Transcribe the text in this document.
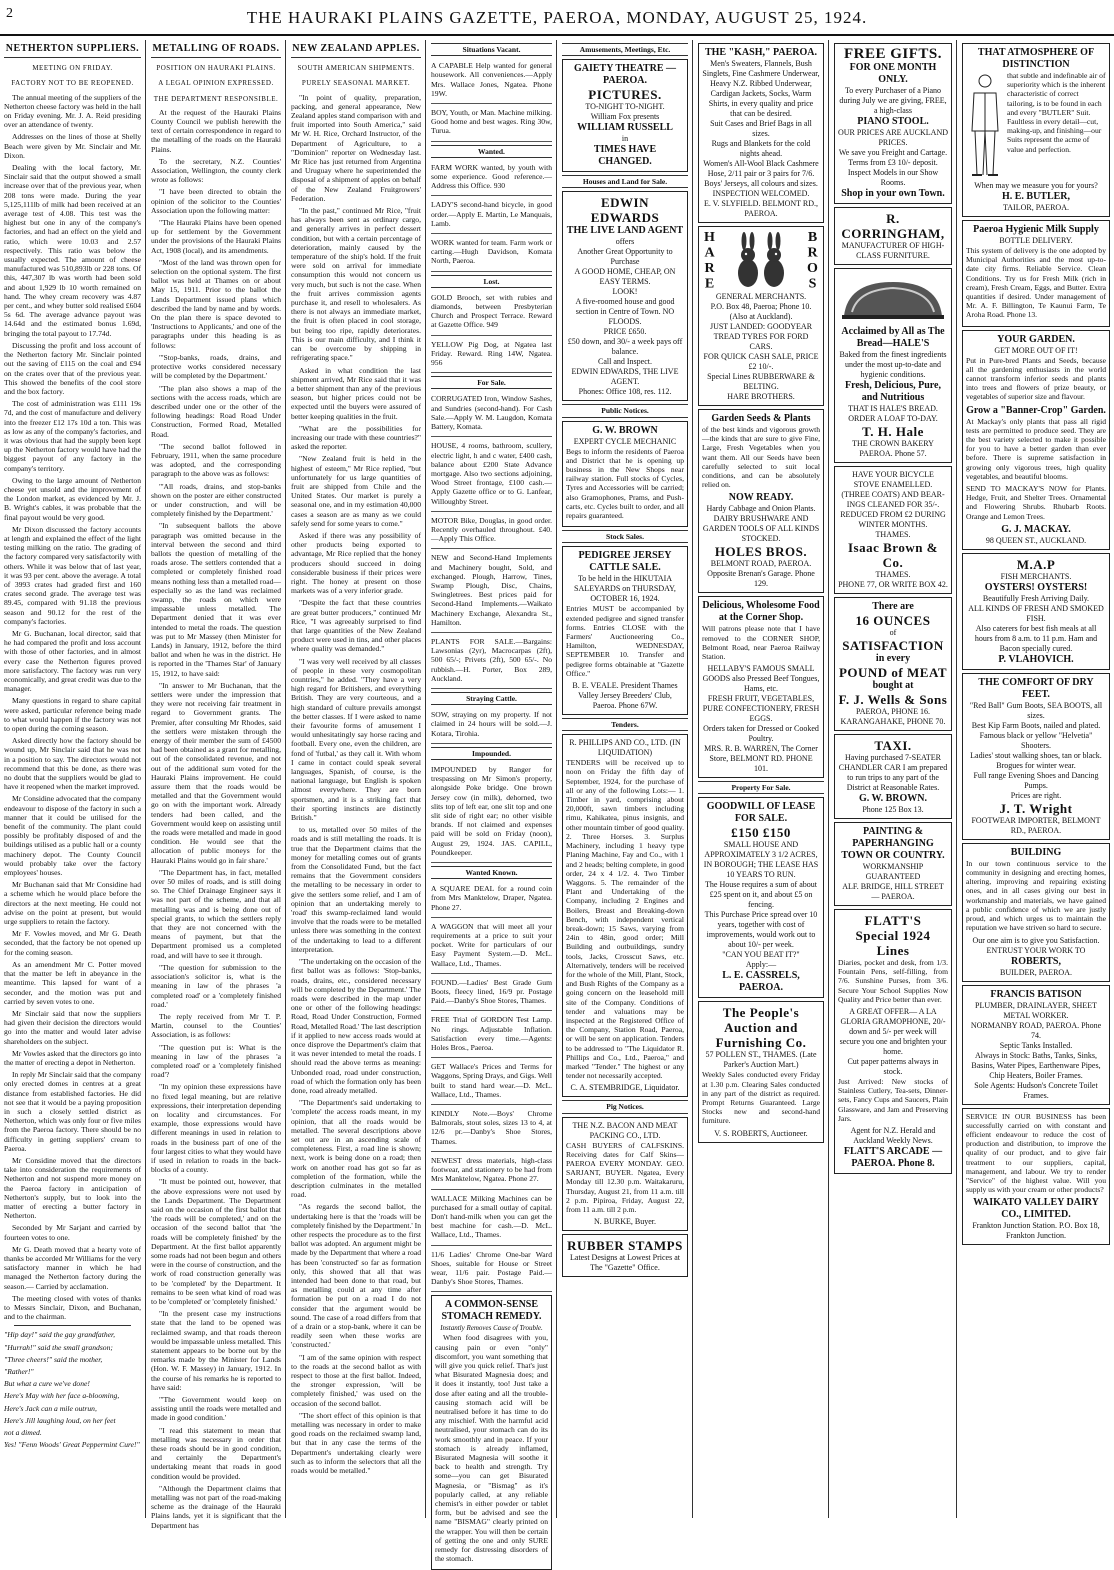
2	THE HAURAKI PLAINS GAZETTE, PAEROA, MONDAY, AUGUST 25, 1924.
NETHERTON SUPPLIERS.
MEETING ON FRIDAY.
FACTORY NOT TO BE REOPENED.

The annual meeting of the suppliers of the Netherton cheese factory was held in the hall on Friday evening. Mr. J. A. Reid presiding over an attendance of twenty.

Addresses on the lines of those at Shelly Beach were given by Mr. Sinclair and Mr. Dixon.

Dealing with the local factory, Mr. Sinclair said that the output showed a small increase over that of the previous year, when 208 tons were made. During the year 5,125,111lb of milk had been received at an average test of 4.08. This test was the highest but one in any of the company's factories, and had an effect on the yield and ratio, which were 10.03 and 2.57 respectively. This ratio was below the usually expected. The amount of cheese manufactured was 510,893lb or 228 tons. Of this, 447,307 lb was worth had been sold and about 1,929 lb 10 worth remained on hand. The whey cream recovery was 4.87 per cent., and whey butter sold realised £604 5s 6d. The average advance payout was 14.64d and the estimated bonus 1.69d, bringing the total payout to 17.74d.

Discussing the profit and loss account of the Netherton factory Mr. Sinclair pointed out the saving of £115 on the coal and £94 on the crates over that of the previous year. This showed the benefits of the cool store and the box factory.

The cost of administration was £111 19s 7d, and the cost of manufacture and delivery into the freezer £12 17s 10d a ton. This was as low as any of the company's factories, and it was obvious that had the supply been kept up the Netherton factory would have had the biggest payout of any factory in the company's territory.

Owing to the large amount of Netherton cheese yet unsold and the improvement of the London market, as evidenced by Mr. J. B. Wright's cables, it was probable that the final payout would be very good.

Mr Dixon discussed the factory accounts at length and explained the effect of the light testing milking on the ratio. The grading of the factory compared very satisfactorily with others. While it was below that of last year, it was 93 per cent. above the average. A total of 3993 crates had graded first and 160 crates second grade. The average test was 89.45, compared with 91.18 the previous season and 90.12 for the rest of the company's factories.

Mr G. Buchanan, local director, said that he had compared the profit and loss account with those of other factories, and in almost every case the Netherton figures proved more satisfactory. The factory was run very economically, and great credit was due to the manager.

Many questions in regard to share capital were asked, particular reference being made to what would happen if the factory was not to open during the coming season.

Asked directly how the factory should be wound up, Mr Sinclair said that he was not in a position to say. The directors would not recommend that this be done, as there was no doubt that the suppliers would be glad to have it reopened when the market improved.

Mr Considine advocated that the company endeavour to dispose of the factory in such a manner that it could be utilised for the benefit of the community. The plant could possibly be profitably disposed of and the buildings utilised as a public hall or a county machinery depot. The County Council would probably take over the factory employees' houses.

Mr Buchanan said that Mr Considine had a scheme which he would place before the directors at the next meeting. He could not advise on the point at present, but would urge suppliers to retain the factory.

Mr F. Vowles moved, and Mr G. Death seconded, that the factory be not opened up for the coming season.

As an amendment Mr C. Potter moved that the matter be left in abeyance in the meantime. This lapsed for want of a seconder, and the motion was put and carried by seven votes to one.

Mr Sinclair said that now the suppliers had given their decision the directors would go into the matter and would later advise shareholders on the subject.

Mr Vowles asked that the directors go into the matter of erecting a depot in Netherton.

In reply Mr Sinclair said that the company only erected domes in centres at a great distance from established factories. He did not see that it would be a paying proposition in such a closely settled district as Netherton, which was only four or five miles from the Paeroa factory. There should be no difficulty in getting suppliers' cream to Paeroa.

Mr Considine moved that the directors take into consideration the requirements of Netherton and not suspend more money on the Paeroa factory in anticipation of Netherton's supply, but to look into the matter of erecting a butter factory in Netherton.

Seconded by Mr Sarjant and carried by fourteen votes to one.

Mr G. Death moved that a hearty vote of thanks be accorded Mr Williams for the very satisfactory manner in which he had managed the Netherton factory during the season.— Carried by acclamation.

The meeting closed with votes of thanks to Messrs Sinclair, Dixon, and Buchanan, and to the chairman.

"Hip day!" said the gay grandfather,

"Hurrah!" said the small grandson;

"Three cheers!" said the mother,

"Rather!"

But what a cure we've done!

Here's May with her face a-blooming,

Here's Jack can a mile outrun,

Here's Jill laughing loud, on her feet

not a dimed.

Yes! "Fenn Woods' Great Peppermint Cure!"

METALLING OF ROADS.
POSITION ON HAURAKI PLAINS.
A LEGAL OPINION EXPRESSED.
THE DEPARTMENT RESPONSIBLE.

At the request of the Hauraki Plains County Council we publish herewith the text of certain correspondence in regard to the metalling of the roads on the Hauraki Plains.

To the secretary, N.Z. Counties' Association, Wellington, the county clerk wrote as follows:

"I have been directed to obtain the opinion of the solicitor to the Counties' Association upon the following matter:

"The Hauraki Plains have been opened up for settlement by the Government under the provisions of the Hauraki Plains Act, 1908 (local), and its amendments.

"Most of the land was thrown open for selection on the optional system. The first ballot was held at Thames on or about May 15, 1911. Prior to the ballot the Lands Department issued plans which described the land by name and by words. On the plan there is space devoted to 'Instructions to Applicants,' and one of the paragraphs under this heading is as follows:

"'Stop-banks, roads, drains, and protective works considered necessary will be completed by the Department.'

"The plan also shows a map of the sections with the access roads, which are described under one or the other of the following headings: Road Road Under Construction, Formed Road, Metalled Road.

"The second ballot followed in February, 1911, when the same procedure was adopted, and the corresponding paragraph to the above was as follows:

"'All roads, drains, and stop-banks shown on the poster are either constructed or under construction, and will be completely finished by the Department.'

"In subsequent ballots the above paragraph was omitted because in the interval between the second and third ballots the question of metalling of the roads arose. The settlers contended that a completed or completely finished road means nothing less than a metalled road—especially so as the land was reclaimed swamp, the roads on which were impassable unless metalled. The Department denied that it was ever intended to metal the roads. The question was put to Mr Massey (then Minister for Lands) in January, 1912, before the third ballot and when he was in the district. He is reported in the 'Thames Star' of January 15, 1912, to have said:

"In answer to Mr Buchanan, that the settlers were under the impression that they were not receiving fair treatment in regard to Government grants. The Premier, after consulting Mr Rhodes, said the settlers were mistaken through the energy of their member the sum of £4500 had been obtained as a grant for metalling, out of the consolidated revenue, and not out of the additional sum voted for the Hauraki Plains improvement. He could assure them that the roads would be metalled and that the Government would go on with the important work. Already tenders had been called, and the Government would keep on assisting until the roads were metalled and made in good condition. He would see that the allocation of public moneys for the Hauraki Plains would go in fair share.'

"The Department has, in fact, metalled over 50 miles of roads, and is still doing so. The Chief Drainage Engineer says it was not part of the scheme, and that all metalling was and is being done out of special grants, to which the settlers reply that they are not concerned with the means of payment, but that the Department promised us a completed road, and will have to see it through.

"The question for submission to the association's solicitor is, what is the meaning in law of the phrases 'a completed road' or a 'completely finished road.'

The reply received from Mr T. P. Martin, counsel to the Counties' Association, is as follows:

"The question put is: What is the meaning in law of the phrases 'a completed road' or a 'completely finished road'?

"In my opinion these expressions have no fixed legal meaning, but are relative expressions, their interpretation depending on locality and circumstances. For example, those expressions would have different meanings in used in relation to roads in the business part of one of the four largest cities to what they would have if used in relation to roads in the back-blocks of a county.

"It must be pointed out, however, that the above expressions were not used by the Lands Department. The Department said on the occasion of the first ballot that 'the roads will be completed,' and on the occasion of the second ballot that 'the roads will be completely finished' by the Department. At the first ballot apparently some roads had not been begun and others were in the course of construction, and the work of road construction generally was to be 'completed' by the Department. It remains to be seen what kind of road was to be 'completed' or 'completely finished.'

"In the present case my instructions state that the land to be opened was reclaimed swamp, and that roads thereon would be impassable unless metalled. This statement appears to be borne out by the remarks made by the Minister for Lands (Hon. W. F. Massey) in January, 1912. In the course of his remarks he is reported to have said:

"'The Government would keep on assisting until the roads were metalled and made in good condition.'

"I read this statement to mean that metalling was necessary in order that these roads should be in good condition, and certainly the Department's undertaking meant that roads in good condition would be provided.

"Although the Department claims that metalling was not part of the road-making scheme as the drainage of the Hauraki Plains lands, yet it is significant that the Department has

NEW ZEALAND APPLES.
SOUTH AMERICAN SHIPMENTS.
PURELY SEASONAL MARKET.

"In point of quality, preparation, packing, and general appearance, New Zealand apples stand comparison with and fruit imported into South America," said Mr W. H. Rice, Orchard Instructor, of the Department of Agriculture, to a "Dominion" reporter on Wednesday last. Mr Rice has just returned from Argentina and Uruguay where he superintended the disposal of a shipment of apples on behalf of the New Zealand Fruitgrowers' Federation.

"In the past," continued Mr Rice, "fruit has always been sent as ordinary cargo, and generally arrives in perfect dessert condition, but with a certain percentage of deterioration, mainly caused by the temperature of the ship's hold. If the fruit were sold on arrival for immediate consumption this would not concern us very much, but such is not the case. When the fruit arrives commission agents purchase it, and resell to wholesalers. As there is not always an immediate market, the fruit is often placed in cool storage, but being too ripe, rapidly deteriorates. This is our main difficulty, and I think it can be overcome by shipping in refrigerating space."

Asked in what condition the last shipment arrived, Mr Rice said that it was a better shipment than any of the previous season, but higher prices could not be expected until the buyers were assured of better keeping qualities in the fruit.

"What are the possibilities for increasing our trade with these countries?" asked the reporter.

"New Zealand fruit is held in the highest of esteem," Mr Rice replied, "but unfortunately for us large quantities of fruit are shipped from Chile and the United States. Our market is purely a seasonal one, and in my estimation 40,000 cases a season are as many as we could safely send for some years to come."

Asked if there was any possibility of other products being exported to advantage, Mr Rice replied that the honey producers should succeed in doing considerable business if their prices were right. The honey at present on those markets was of a very inferior grade.

"Despite the fact that these countries are great butter producers," continued Mr Rice, "I was agreeably surprised to find that large quantities of the New Zealand product were used in tins, and other places where quality was demanded."

"I was very well received by all classes of people in these very cosmopolitan countries," he added. "They have a very high regard for Britishers, and everything British. They are very courteous, and a high standard of culture prevails amongst the better classes. If I were asked to name their favourite forms of amusement I would unhesitatingly say horse racing and football. Every one, even the children, are fond of 'futbal,' as they call it. With whom I came in contact could speak several languages, Spanish, of course, is the national language, but English is spoken almost everywhere. They are born sportsmen, and it is a striking fact that their sporting instincts are distinctly British."

to us, metalled over 50 miles of the roads and is still metalling the roads. It is true that the Department claims that the money for metalling comes out of grants from the Consolidated Fund, but the fact remains that the Government considers the metalling to be necessary in order to give the settlers some relief, and I am of opinion that an undertaking merely to 'road' this swamp-reclaimed land would involve that the roads were to be metalled unless there was something in the context of the undertaking to lead to a different interpretation.

"The undertaking on the occasion of the first ballot was as follows: 'Stop-banks, roads, drains, etc., considered necessary will be completed by the Department.' The roads were described in the map under one or other of the following headings: Road, Road Under Construction, Formed Road, Metalled Road.' The last description if it applied to new access roads would at once disprove the Department's claim that it was never intended to metal the roads. I should read the above terms as meaning: Unbonded road, road under construction, road of which the formation only has been done, road already metalled.

"The Department's said undertaking to 'complete' the access roads meant, in my opinion, that all the roads would be metalled. The several descriptions above set out are in an ascending scale of completeness. First, a road line is shown; next, work is being done on a road; then work on another road has got so far as completion of the formation, while the description culminates in the metalled road.

"As regards the second ballot, the undertaking here is that the 'roads will be completely finished by the Department.' In other respects the procedure as to the first ballot was adopted. An argument might be made by the Department that where a road has been 'constructed' so far as formation only, this showed that all that was intended had been done to that road, but as metalling could at any time after formation be put on a road I do not consider that the argument would be sound. The case of a road differs from that of a drain or a stop-bank, where it can be readily seen when these works are 'constructed.'

"I am of the same opinion with respect to the roads at the second ballot as with respect to those at the first ballot. Indeed, the stronger expression, 'will be completely finished,' was used on the occasion of the second ballot.

"The short effect of this opinion is that metalling was necessary in order to make good roads on the reclaimed swamp land, but that in any case the terms of the Department's undertaking clearly were such as to inform the selectors that all the roads would be metalled."

Situations Vacant.

A CAPABLE Help wanted for general housework. All conveniences.—Apply Mrs. Wallace Jones, Ngatea. Phone 19W.

BOY, Youth, or Man. Machine milking. Good home and best wages. Ring 30w, Turua.

Wanted.

FARM WORK wanted, by youth with some experience. Good reference.—Address this Office. 930

LADY'S second-hand bicycle, in good order.—Apply E. Martin, Le Manquais, Lamb.

WORK wanted for team. Farm work or carting.—Hugh Davidson, Komata North, Paeroa.

Lost.

GOLD Brooch, set with rubies and diamonds, between Presbyterian Church and Prospect Terrace. Reward at Gazette Office. 949

YELLOW Pig Dog, at Ngatea last Friday. Reward. Ring 14W, Ngatea. 956

For Sale.

CORRUGATED Iron, Window Sashes, and Sundries (second-hand). For Cash Sale.—Apply W. M. Laugdon, Komata Battery, Komata.

HOUSE, 4 rooms, bathroom, scullery, electric light, h and c water, £400 cash, balance about £200 State Advance mortgage. Also two sections adjoining, Wood Street frontage, £100 cash.—Apply Gazette office or to G. Lanfear, Willoughby Street.

MOTOR Bike, Douglas, in good order. Recently overhauled throughout. £40.—Apply This Office.

NEW and Second-Hand Implements and Machinery bought, Sold, and exchanged. Plough, Harrow, Tines, Swamp Plough, Disc, Chains, Swingletrees. Best prices paid for Second-Hand Implements.—Waikato Machinery Exchange, Alexandra St., Hamilton.

PLANTS FOR SALE.—Bargains: Lawsonias (2yr), Macrocarpas (2ft), 500 65/-; Privets (2ft), 500 65/-. No rubbish.—H. Porter, Box 289, Auckland.

Straying Cattle.

SOW, straying on my property. If not claimed in 24 hours will be sold.—J. Kotara, Tirohia.

Impounded.

IMPOUNDED by Ranger for trespassing on Mr Simon's property, alongside Poke bridge. One brown Jersey cow (in milk), dehorned, two slits top of left ear, one slit top and one slit side of right ear; no other visible brands. If not claimed and expenses paid will be sold on Friday (noon), August 29, 1924. JAS. CAPILL, Poundkeeper.

Wanted Known.

A SQUARE DEAL for a round coin from Mrs Manktelow, Draper, Ngatea. Phone 27.

A WAGGON that will meet all your requirements at a price to suit your pocket. Write for particulars of our Easy Payment System.—D. McL. Wallace, Ltd., Thames.

FOUND.—Ladies' Best Grade Gum Boots, fleecy lined, 16/9 pr. Postage Paid.—Danby's Shoe Stores, Thames.

FREE Trial of GORDON Test Lamp. No rings. Adjustable Inflation. Satisfaction every time.—Agents: Holes Bros., Paeroa.

GET Wallace's Prices and Terms for Waggons, Spring Drays, and Gigs. Well built to stand hard wear.—D. McL. Wallace, Ltd., Thames.

KINDLY Note.—Boys' Chrome Balmorals, stout soles, sizes 13 to 4, at 12/6 pr.—Danby's Shoe Stores, Thames.

NEWEST dress materials, high-class footwear, and stationery to be had from Mrs Manktelow, Ngatea. Phone 27.

WALLACE Milking Machines can be purchased for a small outlay of capital. Don't hand-milk when you can get the best machine for cash.—D. McL. Wallace, Ltd., Thames.

11/6 Ladies' Chrome One-bar Ward Shoes, suitable for House or Street wear, 11/6 pair. Postage Paid.—Danby's Shoe Stores, Thames.

A COMMON-SENSE STOMACH REMEDY.
Instantly Removes Cause of Trouble.

When food disagrees with you, causing pain or even "only" discomfort, you want something that will give you quick relief. That's just what Bisurated Magnesia does; and it does it instantly, too! Just take a dose after eating and all the trouble-causing stomach acid will be neutralised before it has time to do any mischief. With the harmful acid neutralised, your stomach can do its work smoothly and in peace. If your stomach is already inflamed, Bisurated Magnesia will soothe it back to health and strength. Try some—you can get Bisurated Magnesia, or "Bismag" as it's popularly called, at any reliable chemist's in either powder or tablet form, but be advised and see the name "BISMAG" clearly printed on the wrapper. You will then be certain of getting the one and only SURE remedy for distressing disorders of the stomach.

Amusements, Meetings, Etc.
GAIETY THEATRE — PAEROA.
PICTURES.
TO-NIGHT TO-NIGHT.
William Fox presents
WILLIAM RUSSELL
in
TIMES HAVE CHANGED.
Houses and Land for Sale.
EDWIN EDWARDS
THE LIVE LAND AGENT
offers
Another Great Opportunity to Purchase
A GOOD HOME, CHEAP, ON EASY TERMS.
LOOK!
A five-roomed house and good section in Centre of Town. NO FLOODS.
PRICE £650.
£50 down, and 30/- a week pays off balance.
Call and Inspect.
EDWIN EDWARDS, THE LIVE AGENT.
Phones: Office 108, res. 112.
Public Notices.
G. W. BROWN
EXPERT CYCLE MECHANIC

Begs to inform the residents of Paeroa and District that he is opening up business in the New Shops near railway station. Full stocks of Cycles, Tyres and Accessories will be carried; also Gramophones, Prams, and Push-carts, etc. Cycles built to order, and all repairs guaranteed.

Stock Sales.
PEDIGREE JERSEY CATTLE SALE.
To be held in the HIKUTAIA SALEYARDS on THURSDAY, OCTOBER 16, 1924.

Entries MUST be accompanied by extended pedigree and signed transfer forms. Entries CLOSE with the Farmers' Auctioneering Co., Hamilton, WEDNESDAY, SEPTEMBER 10. Transfer and pedigree forms obtainable at "Gazette Office."

B. E. VEALE. President Thames Valley Jersey Breeders' Club, Paeroa. Phone 67W.
Tenders.
R. PHILLIPS AND CO., LTD. (IN LIQUIDATION)

TENDERS will be received up to noon on Friday the fifth day of September, 1924, for the purchase of all or any of the following Lots:— 1. Timber in yard, comprising about 20,000ft, sawn timbers including rimu, Kahikatea, pinus insignis, and other mountain timber of good quality. 2. Three Horses. 3. Surplus Machinery, including 1 heavy type Planing Machine, Fay and Co., with 1 and 2 heads; belting complete, in good order, 24 x 4 1/2. 4. Two Timber Waggons. 5. The remainder of the Plant and Undertaking of the Company, including 2 Engines and Boilers, Breast and Breaking-down Bench, with independent vertical break-down; 15 Saws, varying from 24in to 48in, good order; Mill Building and outbuildings, sundry tools, Jacks, Crosscut Saws, etc. Alternatively, tenders will be received for the whole of the Mill, Plant, Stock, and Bush Rights of the Company as a going concern on the leasehold mill site of the Company. Conditions of tender and valuations may be inspected at the Registered Office of the Company, Station Road, Paeroa, or will be sent on application. Tenders to be addressed to "The Liquidator R. Phillips and Co., Ltd., Paeroa," and marked "Tender." The highest or any tender not necessarily accepted.

C. A. STEMBRIDGE, Liquidator.
Pig Notices.
THE N.Z. BACON AND MEAT PACKING CO., LTD.

CASH BUYERS of CALFSKINS. Receiving dates for Calf Skins— PAEROA EVERY MONDAY. GEO. SARJANT, BUYER. Ngatea, Every Monday till 12.30 p.m. Waitakaruru, Thursday, August 21, from 11 a.m. till 2 p.m. Pipiroa, Friday, August 22, from 11 a.m. till 2 p.m.

N. BURKE, Buyer.
RUBBER STAMPS
Latest Designs at Lowest Prices at The "Gazette" Office.
THE "KASH," PAEROA.
Men's Sweaters, Flannels, Bush Singlets, Fine Cashmere Underwear, Heavy N.Z. Ribbed Underwear, Cardigan Jackets, Socks, Warm Shirts, in every quality and price that can be desired.
Suit Cases and Brief Bags in all sizes.
Rugs and Blankets for the cold nights ahead.
Women's All-Wool Black Cashmere Hose, 2/11 pair or 3 pairs for 7/6.
Boys' Jerseys, all colours and sizes.
INSPECTION WELCOMED.
E. V. SLYFIELD. BELMONT RD., PAEROA.
HARE	BROS
GENERAL MERCHANTS.
P.O. Box 48, Paeroa; Phone 10. (Also at Auckland).
JUST LANDED: GOODYEAR TREAD TYRES FOR FORD CARS.
FOR QUICK CASH SALE, PRICE £2 10/-.
Special Lines RUBBERWARE & BELTING.
HARE BROTHERS.
Garden Seeds & Plants

of the best kinds and vigorous growth—the kinds that are sure to give Fine, Large, Fresh Vegetables when you want them. All our Seeds have been carefully selected to suit local conditions, and can be absolutely relied on.

NOW READY.
Hardy Cabbage and Onion Plants.
DAIRY BRUSHWARE AND GARDEN TOOLS OF ALL KINDS STOCKED.
HOLES BROS.
BELMONT ROAD, PAEROA. Opposite Brenan's Garage. Phone 129.
Delicious, Wholesome Food at the Corner Shop.

Will patrons please note that I have removed to the CORNER SHOP, Belmont Road, near Paeroa Railway Station.

HELLABY'S FAMOUS SMALL GOODS also Pressed Beef Tongues, Hams, etc.
FRESH FRUIT, VEGETABLES, PURE CONFECTIONERY, FRESH EGGS.
Orders taken for Dressed or Cooked Poultry.
MRS. R. B. WARREN, The Corner Store, BELMONT RD. PHONE 101.
Property For Sale.
GOODWILL OF LEASE FOR SALE.
£150 £150
SMALL HOUSE AND APPROXIMATELY 3 1/2 ACRES, IN BOROUGH; THE LEASE HAS 10 YEARS TO RUN.
The House requires a sum of about £25 spent on it, and about £5 on fencing.
This Purchase Price spread over 10 years, together with cost of improvements, would work out to about 10/- per week.
"CAN YOU BEAT IT?"
Apply:—
L. E. CASSRELS, PAEROA.
The People's Auction and Furnishing Co.
57 POLLEN ST., THAMES. (Late Parker's Auction Mart.)

Weekly Sales conducted every Friday at 1.30 p.m. Clearing Sales conducted in any part of the district as required. Prompt Returns Guaranteed. Large Stocks new and second-hand furniture.

V. S. ROBERTS, Auctioneer.
FREE GIFTS.
FOR ONE MONTH ONLY.
To every Purchaser of a Piano during July we are giving, FREE, a high-class
PIANO STOOL.
OUR PRICES ARE AUCKLAND PRICES.
We save you Freight and Cartage.
Terms from £3 10/- deposit.
Inspect Models in our Show Rooms.
Shop in your own Town.
R. CORRINGHAM,
MANUFACTURER OF HIGH-CLASS FURNITURE.
Acclaimed by All as The Bread—HALE'S
Baked from the finest ingredients under the most up-to-date and hygienic conditions.
Fresh, Delicious, Pure, and Nutritious
THAT IS HALE'S BREAD. ORDER A LOAF TO-DAY.
T. H. Hale
THE CROWN BAKERY PAEROA. Phone 57.
HAVE YOUR BICYCLE
STOVE ENAMELLED.
(THREE COATS) AND BEAR-
INGS CLEANED FOR 35/-.
REDUCED FROM £2 DURING
WINTER MONTHS.
THAMES.
Isaac Brown & Co.
THAMES.
PHONE 77, OR WRITE BOX 42.
There are
16 OUNCES
of
SATISFACTION
in every
POUND of MEAT
bought at
F. J. Wells & Sons
PAEROA, PHONE 16. KARANGAHAKE, PHONE 70.
TAXI.
Having purchased 7-SEATER CHANDLER CAR I am prepared to run trips to any part of the District at Reasonable Rates.
G. W. BROWN.
Phone 125 Box 13.
PAINTING & PAPERHANGING TOWN OR COUNTRY.
WORKMANSHIP GUARANTEED
ALF. BRIDGE, HILL STREET — PAEROA.
FLATT'S
Special 1924 Lines

Diaries, pocket and desk, from 1/3. Fountain Pens, self-filling, from 7/6. Sunshine Purses, from 3/6. Secure Your School Supplies Now Quality and Price better than ever.

A GREAT OFFER— A LA GLORIA GRAMOPHONE, 20/- down and 5/- per week will secure you one and brighten your home.
Cut paper patterns always in stock.

Just Arrived: New stocks of Stainless Cutlery, Tea-sets, Dinner-sets, Fancy Cups and Saucers, Plain Glassware, and Jam and Preserving Jars.

Agent for N.Z. Herald and Auckland Weekly News.
FLATT'S ARCADE — PAEROA. Phone 8.
THAT ATMOSPHERE OF DISTINCTION

that subtle and indefinable air of superiority which is the inherent characteristic of correct tailoring, is to be found in each and every "BUTLER" Suit. Faultless in every detail—cut, making-up, and finishing—our Suits represent the acme of value and perfection.

When may we measure you for yours?
H. E. BUTLER,
TAILOR, PAEROA.
Paeroa Hygienic Milk Supply
BOTTLE DELIVERY.

This system of delivery is the one adopted by Municipal Authorities and the most up-to-date city firms. Reliable Service. Clean Conditions. Try us for Fresh Milk (rich in cream), Fresh Cream, Eggs, and Butter. Extra quantities if desired. Under management of Mr. A. F. Billington, Te Kaunui Farm, Te Aroha Road. Phone 13.

YOUR GARDEN.
GET MORE OUT OF IT!

Put in Pure-bred Plants and Seeds, because all the gardening enthusiasts in the world cannot transform inferior seeds and plants into trees and flowers of prize beauty, or vegetables of superior size and flavour.

Grow a "Banner-Crop" Garden.

At Mackay's only plants that pass all rigid tests are permitted to produce seed. They are the best variety selected to make it possible for you to have a better garden than ever before. There is supreme satisfaction in growing only vigorous trees, high quality vegetables, and beautiful blooms.

SEND TO MACKAY'S NOW for Plants. Hedge, Fruit, and Shelter Trees. Ornamental and Flowering Shrubs. Rhubarb Roots. Orange and Lemon Trees.

G. J. MACKAY.
98 QUEEN ST., AUCKLAND.
M.A.P
FISH MERCHANTS.
OYSTERS! OYSTERS!
Beautifully Fresh Arriving Daily.
ALL KINDS OF FRESH AND SMOKED FISH.
Also caterers for best fish meals at all hours from 8 a.m. to 11 p.m. Ham and Bacon specially cured.
P. VLAHOVICH.
THE COMFORT OF DRY FEET.
"Red Ball" Gum Boots, SEA BOOTS, all sizes.
Best Kip Farm Boots, nailed and plated.
Famous black or yellow "Helvetia" Shooters.
Ladies' stout walking shoes, tan or black.
Brogues for winter wear.
Full range Evening Shoes and Dancing Pumps.
Prices are right.
J. T. Wright
FOOTWEAR IMPORTER, BELMONT RD., PAEROA.
BUILDING

In our town continuous service to the community in designing and erecting homes, altering, improving and repairing existing ones, and in all cases giving our best in workmanship and materials, we have gained a public confidence of which we are justly proud, and which urges us to maintain the reputation we have striven so hard to secure.

Our one aim is to give you Satisfaction.
ENTRUST YOUR WORK TO
ROBERTS,
BUILDER, PAEROA.
FRANCIS BATISON
PLUMBER, DRAINLAYER, SHEET METAL WORKER.
NORMANBY ROAD, PAEROA. Phone 74.
Septic Tanks Installed.
Always in Stock: Baths, Tanks, Sinks, Basins, Water Pipes, Earthenware Pipes, Chip Heaters, Boiler Frames.
Sole Agents: Hudson's Concrete Toilet Frames.

SERVICE IN OUR BUSINESS has been successfully carried on with constant and efficient endeavour to reduce the cost of production and distribution, to improve the quality of our product, and to give fair treatment to our suppliers, capital, management, and labour. We try to render "Service" of the highest value. Will you supply us with your cream or other products?

WAIKATO VALLEY DAIRY CO., LIMITED.
Frankton Junction Station. P.O. Box 18, Frankton Junction.
